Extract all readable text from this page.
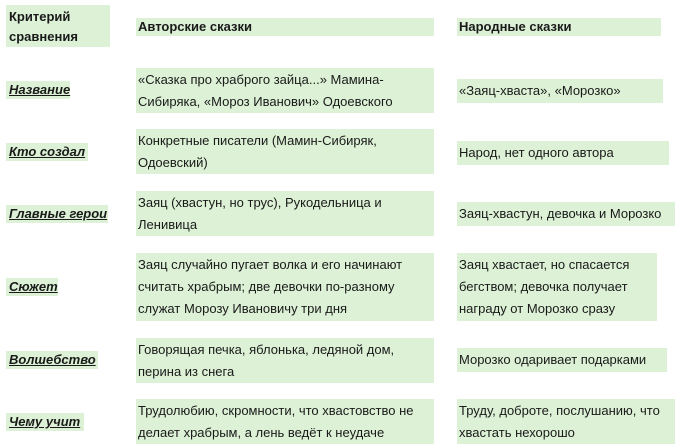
Критерий
сравнения
Авторские сказки	Народные сказки
Название
«Сказка про храброго зайца...» Мамина-
Сибиряка, «Мороз Иванович» Одоевского
«Заяц-хваста», «Морозко»
Кто создал
Конкретные писатели (Мамин-Сибиряк,
Одоевский)
Народ, нет одного автора
Главные герои
Заяц (хвастун, но трус), Рукодельница и
Ленивица
Заяц-хвастун, девочка и Морозко
Сюжет
Заяц случайно пугает волка и его начинают
считать храбрым; две девочки по-разному
служат Морозу Ивановичу три дня
Заяц хвастает, но спасается
бегством; девочка получает
награду от Морозко сразу
Волшебство
Говорящая печка, яблонька, ледяной дом,
перина из снега
Морозко одаривает подарками
Чему учит
Трудолюбию, скромности, что хвастовство не
делает храбрым, а лень ведёт к неудаче
Труду, доброте, послушанию, что
хвастать нехорошо
